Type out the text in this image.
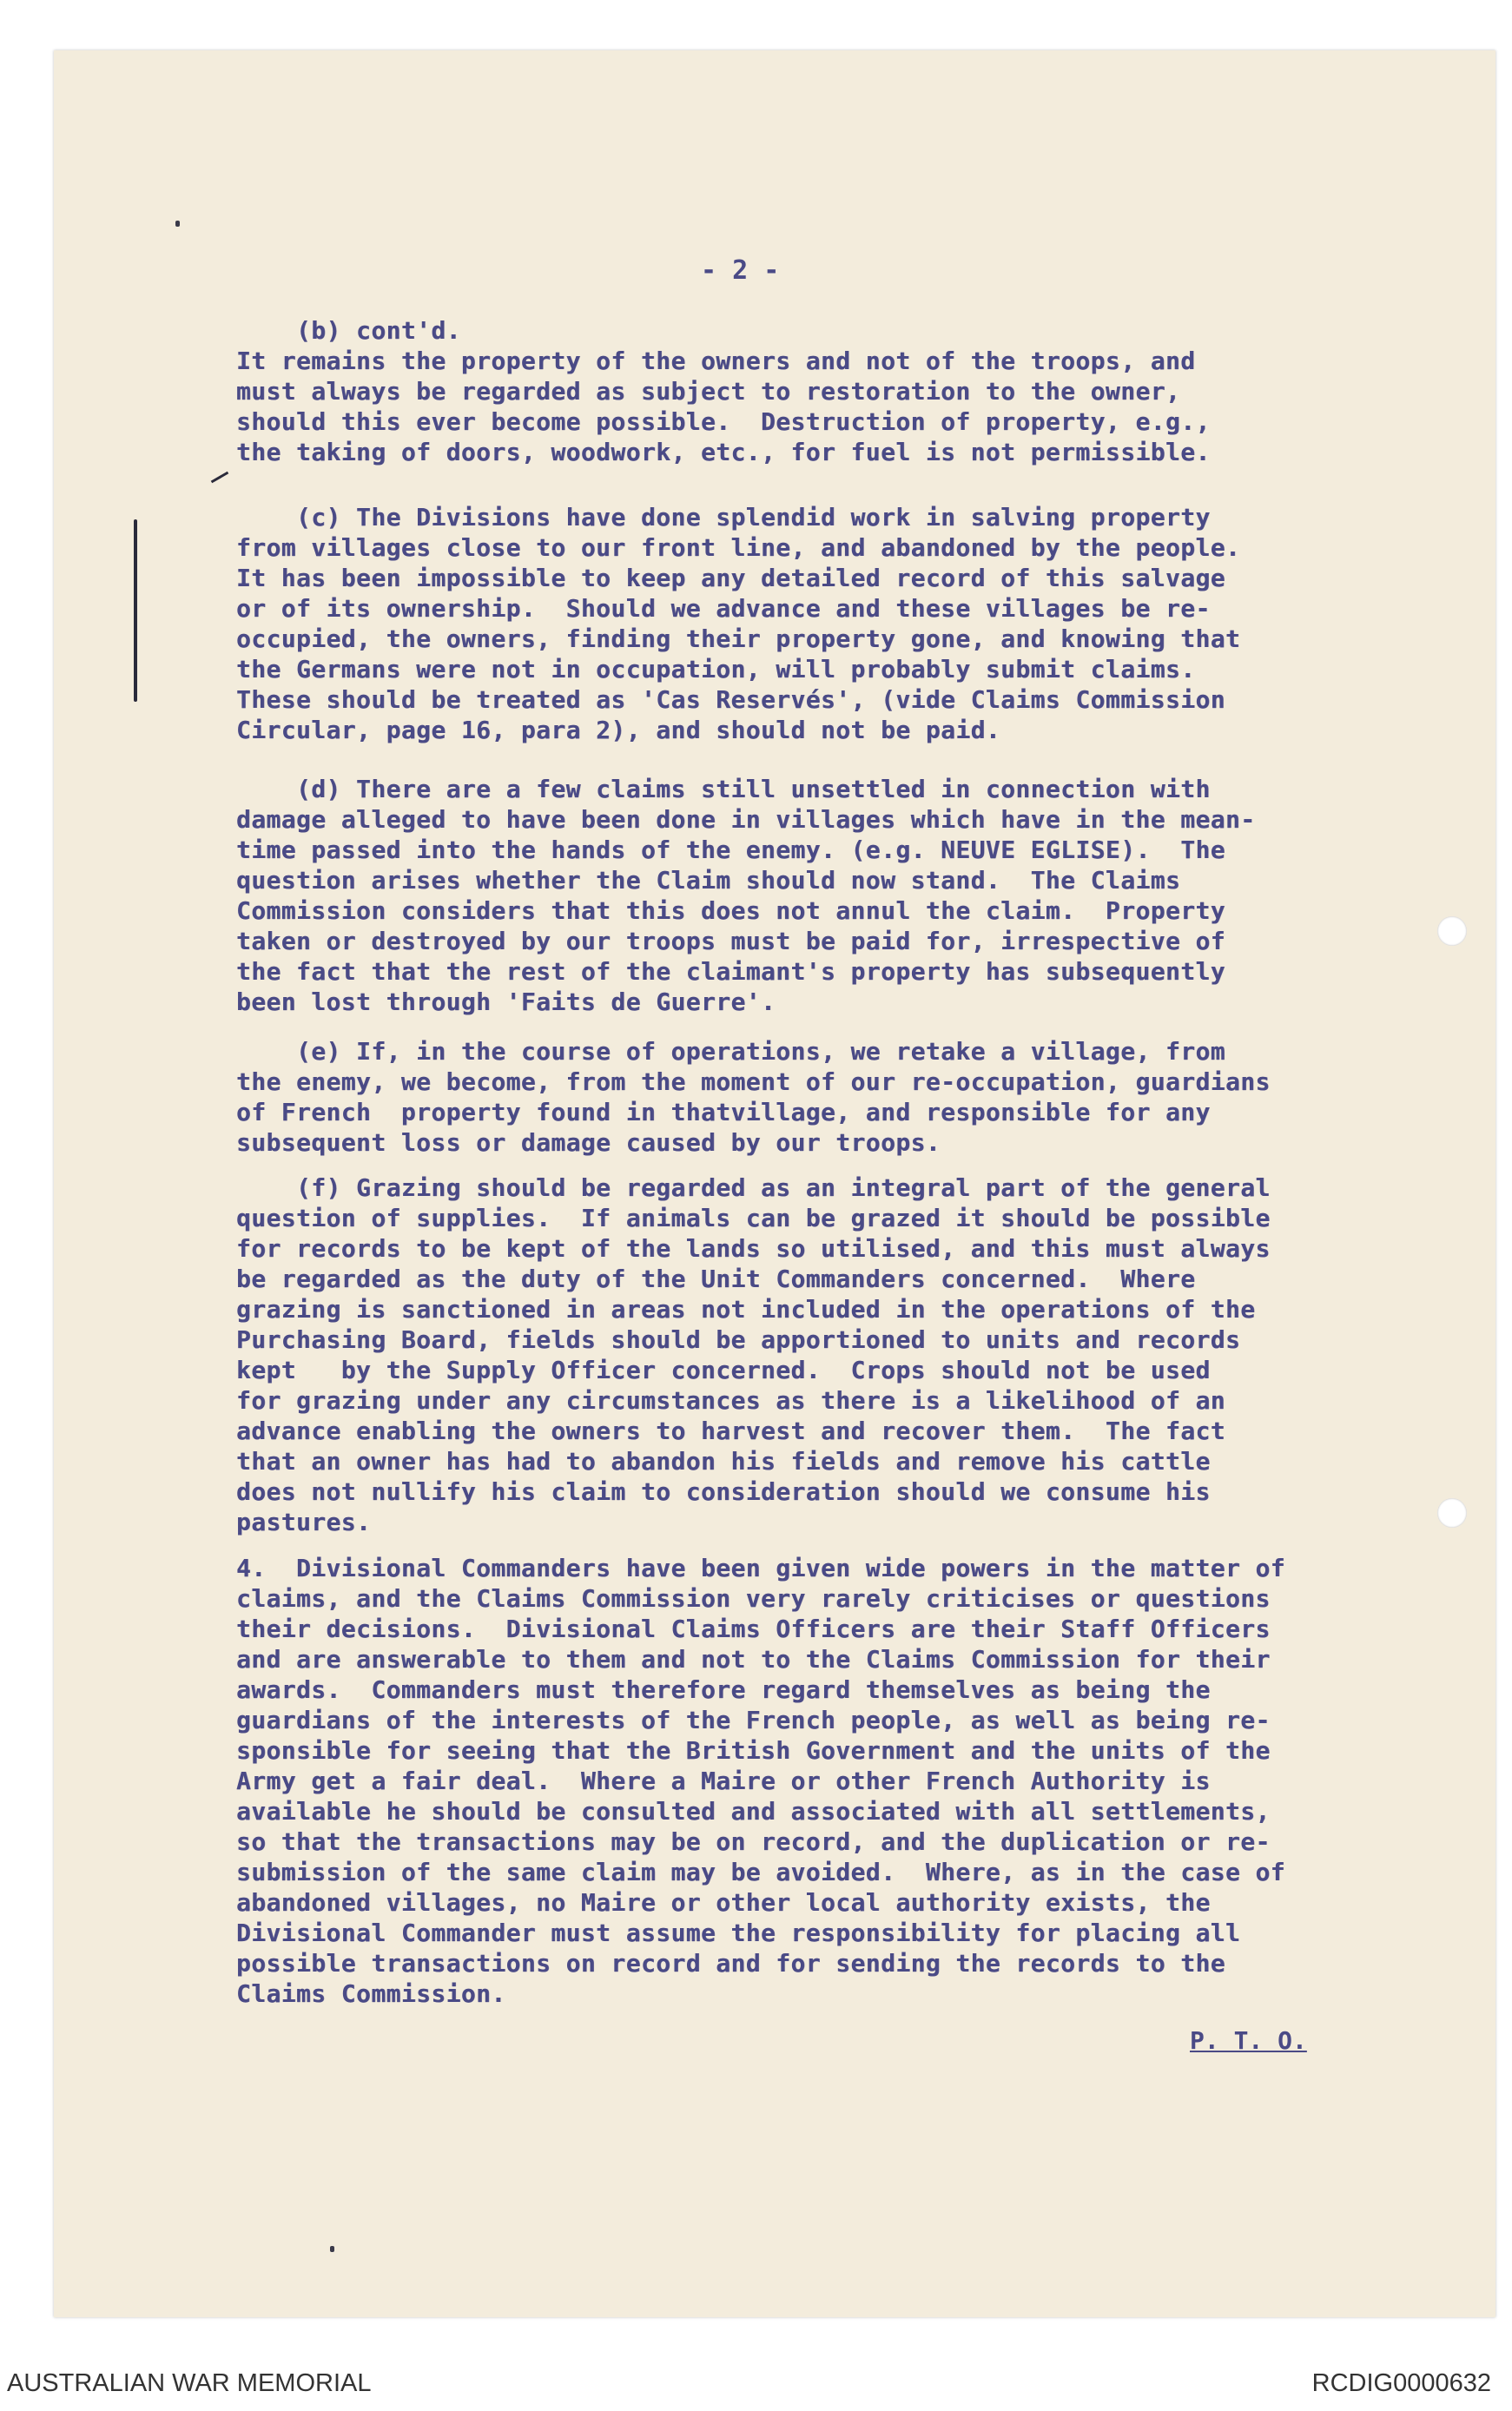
- 2 -
(b) cont'd.
It remains the property of the owners and not of the troops, and
must always be regarded as subject to restoration to the owner,
should this ever become possible.  Destruction of property, e.g.,
the taking of doors, woodwork, etc., for fuel is not permissible.
(c) The Divisions have done splendid work in salving property
from villages close to our front line, and abandoned by the people.
It has been impossible to keep any detailed record of this salvage
or of its ownership.  Should we advance and these villages be re-
occupied, the owners, finding their property gone, and knowing that
the Germans were not in occupation, will probably submit claims.
These should be treated as 'Cas Reservés', (vide Claims Commission
Circular, page 16, para 2), and should not be paid.
(d) There are a few claims still unsettled in connection with
damage alleged to have been done in villages which have in the mean-
time passed into the hands of the enemy. (e.g. NEUVE EGLISE).  The
question arises whether the Claim should now stand.  The Claims
Commission considers that this does not annul the claim.  Property
taken or destroyed by our troops must be paid for, irrespective of
the fact that the rest of the claimant's property has subsequently
been lost through 'Faits de Guerre'.
(e) If, in the course of operations, we retake a village, from
the enemy, we become, from the moment of our re-occupation, guardians
of French  property found in thatvillage, and responsible for any
subsequent loss or damage caused by our troops.
(f) Grazing should be regarded as an integral part of the general
question of supplies.  If animals can be grazed it should be possible
for records to be kept of the lands so utilised, and this must always
be regarded as the duty of the Unit Commanders concerned.  Where
grazing is sanctioned in areas not included in the operations of the
Purchasing Board, fields should be apportioned to units and records
kept   by the Supply Officer concerned.  Crops should not be used
for grazing under any circumstances as there is a likelihood of an
advance enabling the owners to harvest and recover them.  The fact
that an owner has had to abandon his fields and remove his cattle
does not nullify his claim to consideration should we consume his
pastures.
4.  Divisional Commanders have been given wide powers in the matter of
claims, and the Claims Commission very rarely criticises or questions
their decisions.  Divisional Claims Officers are their Staff Officers
and are answerable to them and not to the Claims Commission for their
awards.  Commanders must therefore regard themselves as being the
guardians of the interests of the French people, as well as being re-
sponsible for seeing that the British Government and the units of the
Army get a fair deal.  Where a Maire or other French Authority is
available he should be consulted and associated with all settlements,
so that the transactions may be on record, and the duplication or re-
submission of the same claim may be avoided.  Where, as in the case of
abandoned villages, no Maire or other local authority exists, the
Divisional Commander must assume the responsibility for placing all
possible transactions on record and for sending the records to the
Claims Commission.
P. T. O.
AUSTRALIAN WAR MEMORIAL	RCDIG0000632
